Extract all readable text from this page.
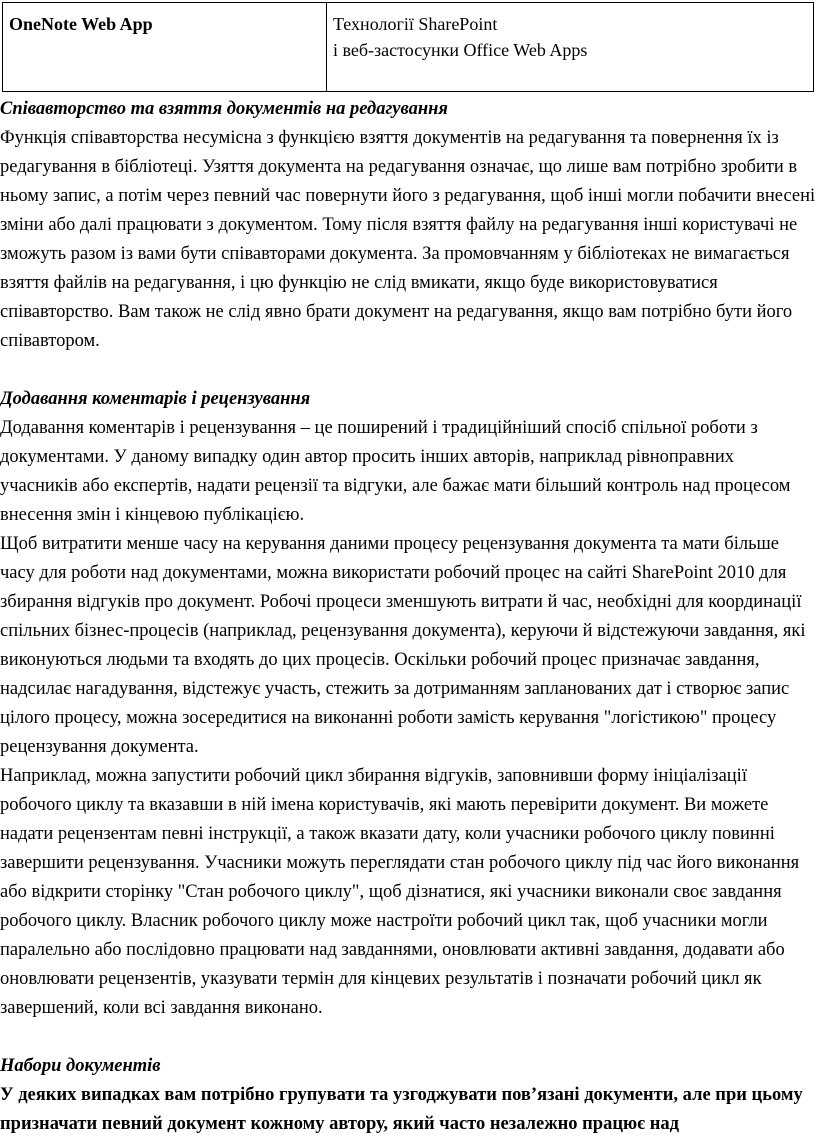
OneNote Web App	Технології SharePoint
і веб-застосунки Office Web Apps

Співавторство та взяття документів на редагування

Функція співавторства несумісна з функцією взяття документів на редагування та повернення їх із редагування в бібліотеці. Узяття документа на редагування означає, що лише вам потрібно зробити в ньому запис, а потім через певний час повернути його з редагування, щоб інші могли побачити внесені зміни або далі працювати з документом. Тому після взяття файлу на редагування інші користувачі не зможуть разом із вами бути співавторами документа. За промовчанням у бібліотеках не вимагається взяття файлів на редагування, і цю функцію не слід вмикати, якщо буде використовуватися співавторство. Вам також не слід явно брати документ на редагування, якщо вам потрібно бути його співавтором.

Додавання коментарів і рецензування

Додавання коментарів і рецензування – це поширений і традиційніший спосіб спільної роботи з документами. У даному випадку один автор просить інших авторів, наприклад рівноправних учасників або експертів, надати рецензії та відгуки, але бажає мати більший контроль над процесом внесення змін і кінцевою публікацією.

Щоб витратити менше часу на керування даними процесу рецензування документа та мати більше часу для роботи над документами, можна використати робочий процес на сайті SharePoint 2010 для збирання відгуків про документ. Робочі процеси зменшують витрати й час, необхідні для координації спільних бізнес-процесів (наприклад, рецензування документа), керуючи й відстежуючи завдання, які виконуються людьми та входять до цих процесів. Оскільки робочий процес призначає завдання, надсилає нагадування, відстежує участь, стежить за дотриманням запланованих дат і створює запис цілого процесу, можна зосередитися на виконанні роботи замість керування "логістикою" процесу рецензування документа.

Наприклад, можна запустити робочий цикл збирання відгуків, заповнивши форму ініціалізації робочого циклу та вказавши в ній імена користувачів, які мають перевірити документ. Ви можете надати рецензентам певні інструкції, а також вказати дату, коли учасники робочого циклу повинні завершити рецензування. Учасники можуть переглядати стан робочого циклу під час його виконання або відкрити сторінку "Стан робочого циклу", щоб дізнатися, які учасники виконали своє завдання робочого циклу. Власник робочого циклу може настроїти робочий цикл так, щоб учасники могли паралельно або послідовно працювати над завданнями, оновлювати активні завдання, додавати або оновлювати рецензентів, указувати термін для кінцевих результатів і позначати робочий цикл як завершений, коли всі завдання виконано.

Набори документів

У деяких випадках вам потрібно групувати та узгоджувати пов’язані документи, але при цьому призначати певний документ кожному автору, який часто незалежно працює над
